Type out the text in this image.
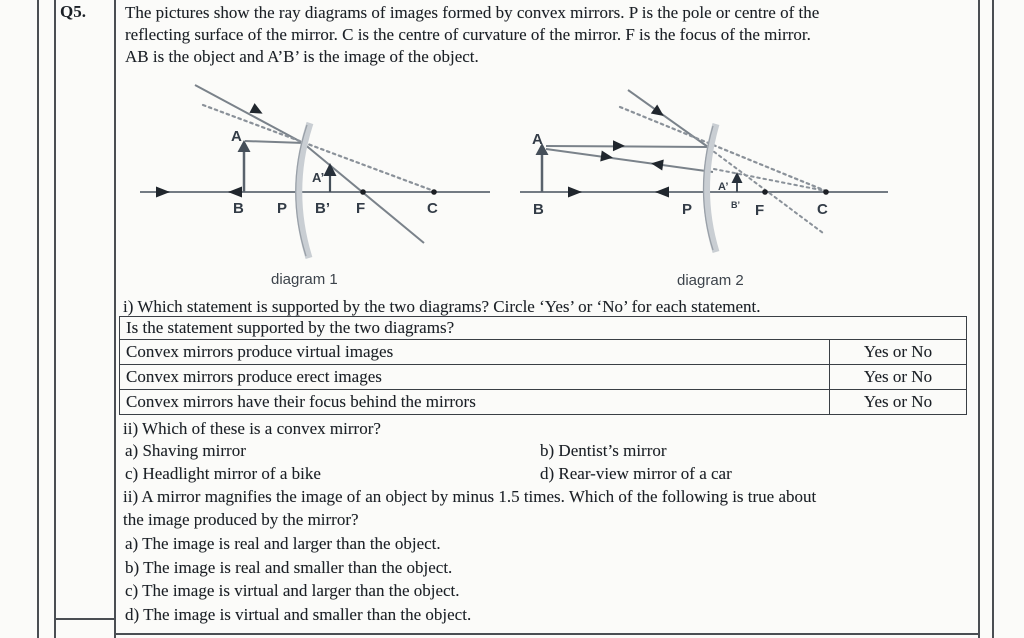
Q5. The pictures show the ray diagrams of images formed by convex mirrors. P is the pole or centre of the
reflecting surface of the mirror. C is the centre of curvature of the mirror. F is the focus of the mirror.
AB is the object and A’B’ is the image of the object.
A
B P B’ F	C
A’
diagram 1
A
B	P	F	C
A’
B’
diagram 2
i) Which statement is supported by the two diagrams? Circle ‘Yes’ or ‘No’ for each statement.
Is the statement supported by the two diagrams?
Convex mirrors produce virtual images	Yes or No
Convex mirrors produce erect images	Yes or No
Convex mirrors have their focus behind the mirrors	Yes or No
ii) Which of these is a convex mirror?
a) Shaving mirror	b) Dentist’s mirror
c) Headlight mirror of a bike	d) Rear-view mirror of a car
ii) A mirror magnifies the image of an object by minus 1.5 times. Which of the following is true about
the image produced by the mirror?
a) The image is real and larger than the object.
b) The image is real and smaller than the object.
c) The image is virtual and larger than the object.
d) The image is virtual and smaller than the object.
